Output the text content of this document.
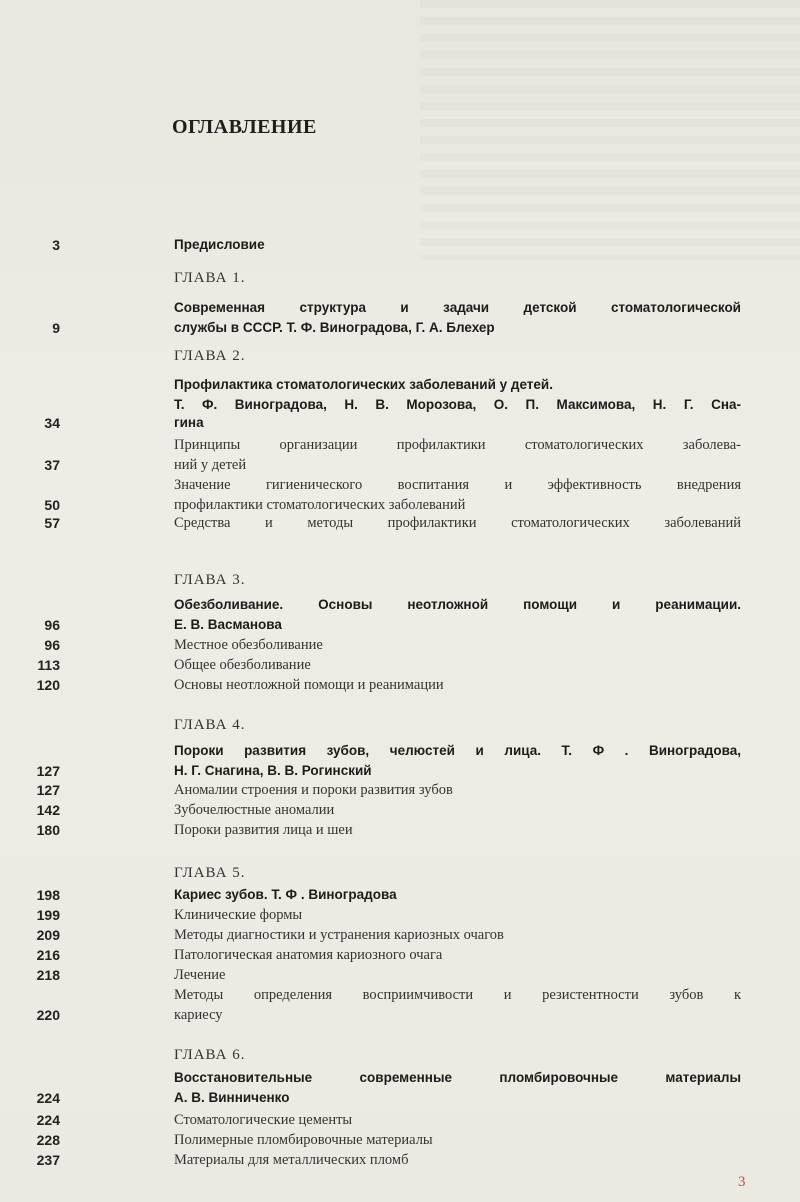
ОГЛАВЛЕНИЕ
3	Предисловие
ГЛАВА 1.
Современная структура и задачи детской стоматологической
9	службы в СССР. Т. Ф. Виноградова, Г. А. Блехер
ГЛАВА 2.
Профилактика стоматологических заболеваний у детей.
Т. Ф. Виноградова, Н. В. Морозова, О. П. Максимова, Н. Г. Сна-
34	гина
Принципы организации профилактики стоматологических заболева-
37	ний у детей
Значение гигиенического воспитания и эффективность внедрения
50	профилактики стоматологических заболеваний
57	Средства и методы профилактики стоматологических заболеваний
ГЛАВА 3.
Обезболивание. Основы неотложной помощи и реанимации.
96	Е. В. Васманова
96	Местное обезболивание
113	Общее обезболивание
120	Основы неотложной помощи и реанимации
ГЛАВА 4.
Пороки развития зубов, челюстей и лица. Т. Ф . Виноградова,
127	Н. Г. Снагина, В. В. Рогинский
127	Аномалии строения и пороки развития зубов
142	Зубочелюстные аномалии
180	Пороки развития лица и шеи
ГЛАВА 5.
198	Кариес зубов. Т. Ф . Виноградова
199	Клинические формы
209	Методы диагностики и устранения кариозных очагов
216	Патологическая анатомия кариозного очага
218	Лечение
Методы определения восприимчивости и резистентности зубов к
220	кариесу
ГЛАВА 6.
Восстановительные современные пломбировочные материалы
224	А. В. Винниченко
224	Стоматологические цементы
228	Полимерные пломбировочные материалы
237	Материалы для металлических пломб
3
